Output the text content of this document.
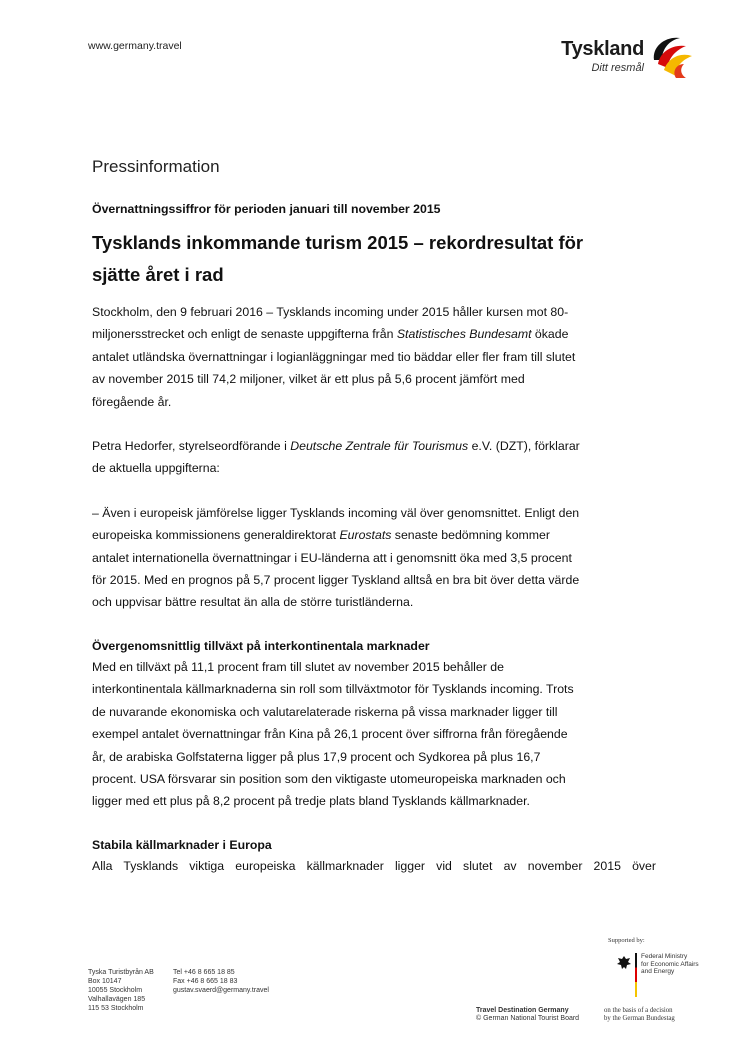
www.germany.travel	Tyskland
Ditt resmål
Pressinformation

Övernattningssiffror för perioden januari till november 2015

Tysklands inkommande turism 2015 – rekordresultat för
sjätte året i rad
Stockholm, den 9 februari 2016 – Tysklands incoming under 2015 håller kursen mot 80-
miljonersstrecket och enligt de senaste uppgifterna från Statistisches Bundesamt ökade
antalet utländska övernattningar i logianläggningar med tio bäddar eller fler fram till slutet
av november 2015 till 74,2 miljoner, vilket är ett plus på 5,6 procent jämfört med
föregående år.
Petra Hedorfer, styrelseordförande i Deutsche Zentrale für Tourismus e.V. (DZT), förklarar
de aktuella uppgifterna:
– Även i europeisk jämförelse ligger Tysklands incoming väl över genomsnittet. Enligt den
europeiska kommissionens generaldirektorat Eurostats senaste bedömning kommer
antalet internationella övernattningar i EU-länderna att i genomsnitt öka med 3,5 procent
för 2015. Med en prognos på 5,7 procent ligger Tyskland alltså en bra bit över detta värde
och uppvisar bättre resultat än alla de större turistländerna.
Övergenomsnittlig tillväxt på interkontinentala marknader
Med en tillväxt på 11,1 procent fram till slutet av november 2015 behåller de
interkontinentala källmarknaderna sin roll som tillväxtmotor för Tysklands incoming. Trots
de nuvarande ekonomiska och valutarelaterade riskerna på vissa marknader ligger till
exempel antalet övernattningar från Kina på 26,1 procent över siffrorna från föregående
år, de arabiska Golfstaterna ligger på plus 17,9 procent och Sydkorea på plus 16,7
procent. USA försvarar sin position som den viktigaste utomeuropeiska marknaden och
ligger med ett plus på 8,2 procent på tredje plats bland Tysklands källmarknader.
Stabila källmarknader i Europa
Alla Tysklands viktiga europeiska källmarknader ligger vid slutet av november 2015 över
Tyska Turistbyrån AB
Box 10147
10055 Stockholm
Valhallavägen 185
115 53 Stockholm
Tel +46 8 665 18 85
Fax +46 8 665 18 83
gustav.svaerd@germany.travel
Travel Destination Germany
© German National Tourist Board
Supported by:
Federal Ministry
for Economic Affairs
and Energy
on the basis of a decision
by the German Bundestag
